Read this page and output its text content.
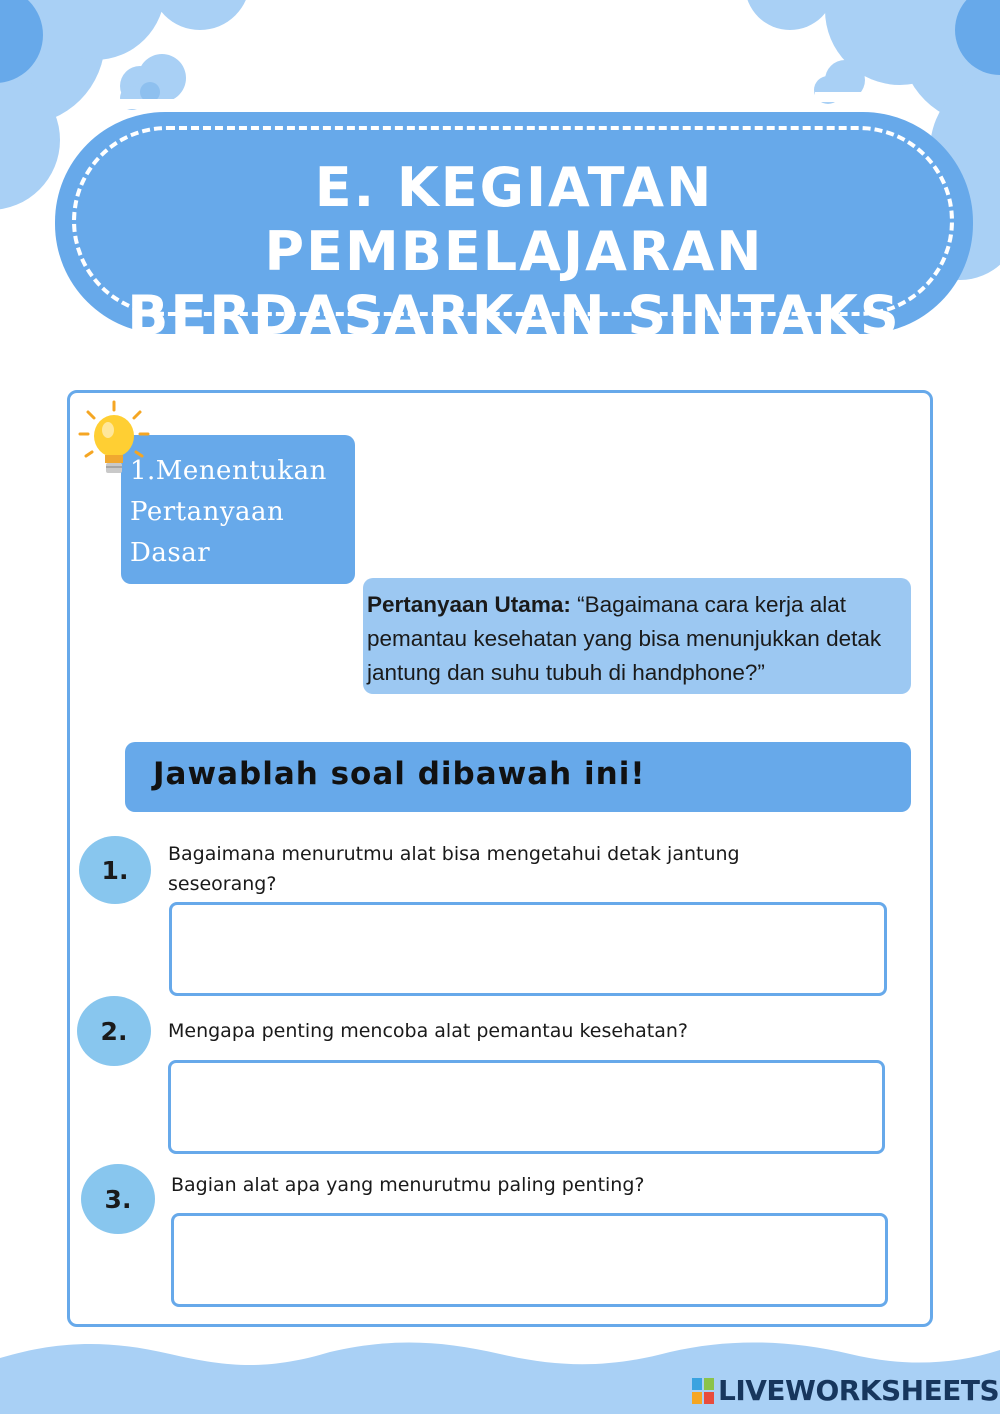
E. KEGIATAN PEMBELAJARAN
BERDASARKAN SINTAKS PJBL
1.Menentukan
Pertanyaan
Dasar
Pertanyaan Utama: “Bagaimana cara kerja alat pemantau kesehatan yang bisa menunjukkan detak jantung dan suhu tubuh di handphone?”
Jawablah soal dibawah ini!
1.
Bagaimana menurutmu alat bisa mengetahui detak jantung seseorang?
2.	Mengapa penting mencoba alat pemantau kesehatan?
3.	Bagian alat apa yang menurutmu paling penting?
LIVEWORKSHEETS
